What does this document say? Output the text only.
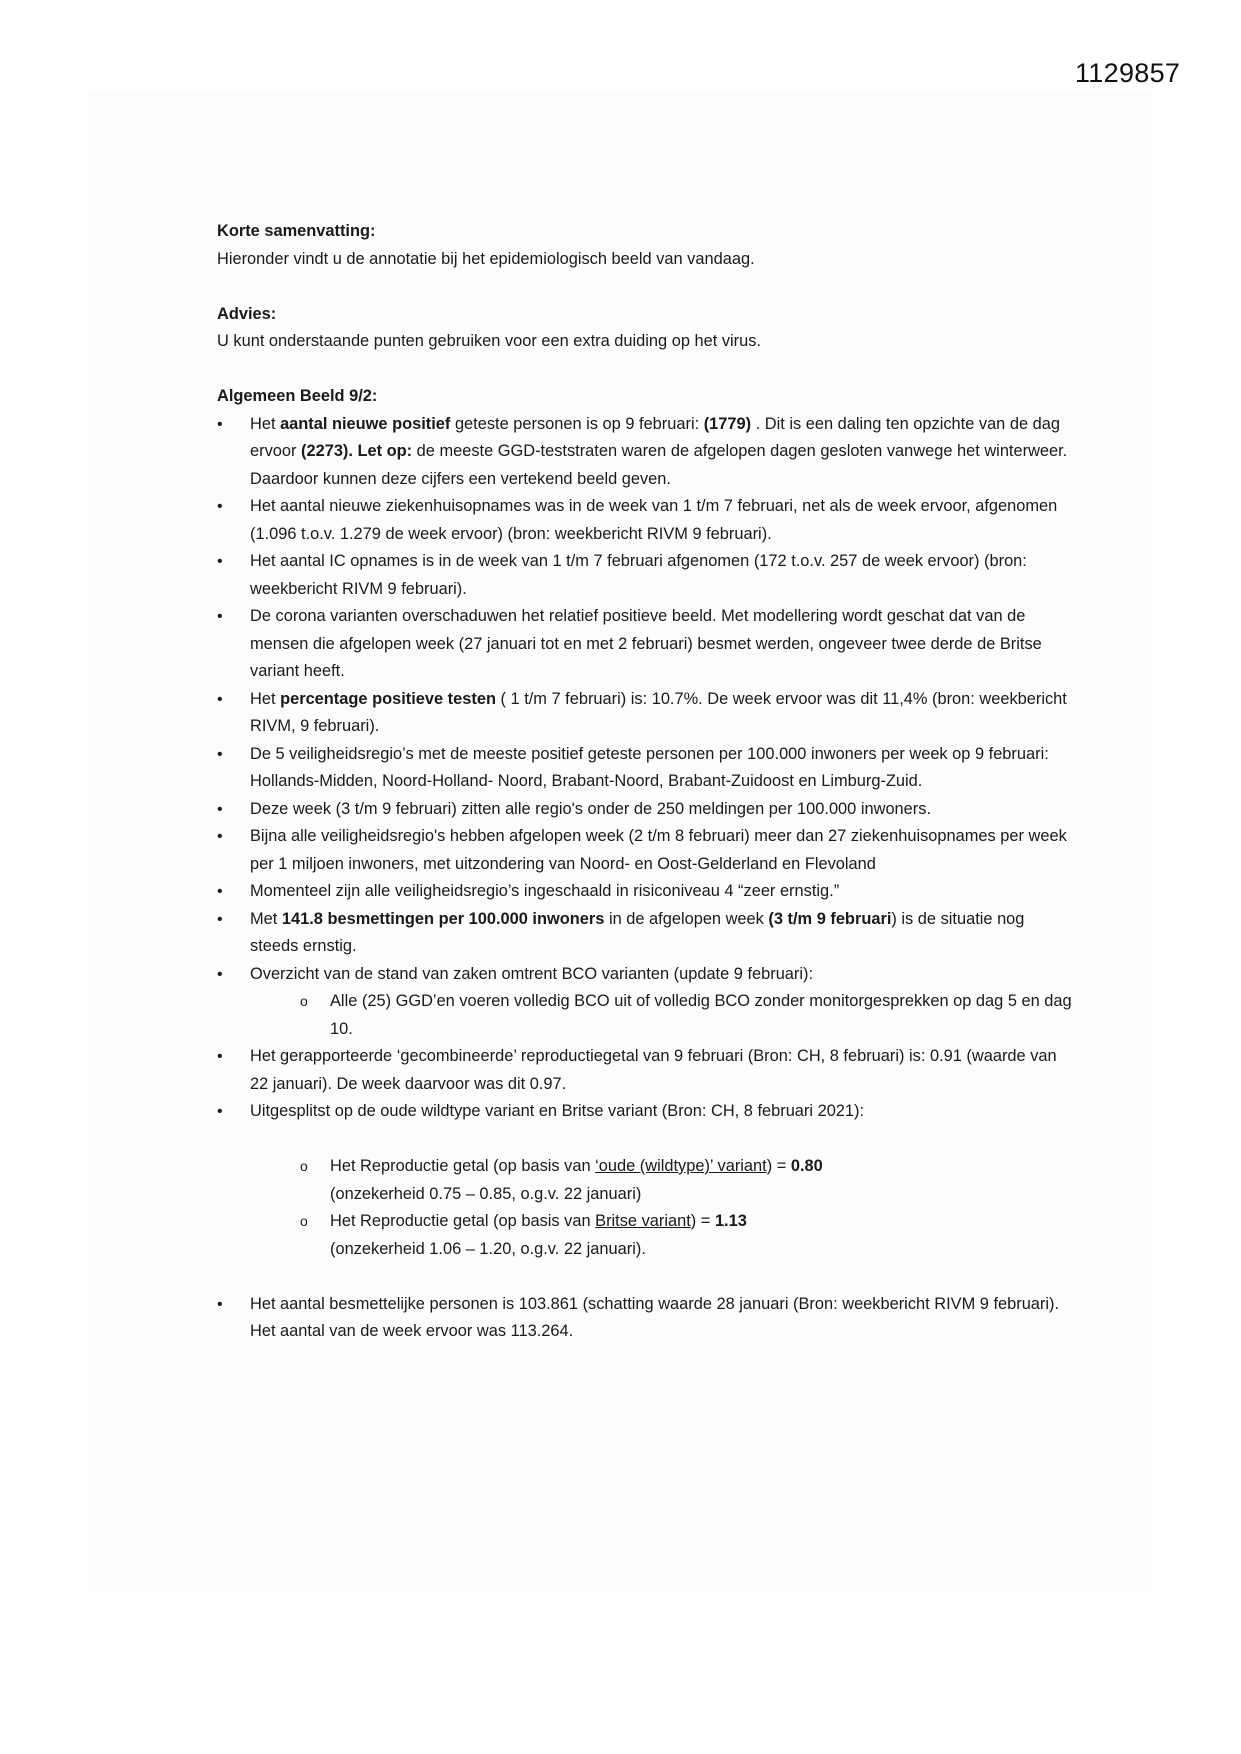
1129857
Korte samenvatting:

Hieronder vindt u de annotatie bij het epidemiologisch beeld van vandaag.

Advies:

U kunt onderstaande punten gebruiken voor een extra duiding op het virus.

Algemeen Beeld 9/2:
• Het aantal nieuwe positief geteste personen is op 9 februari: (1779) . Dit is een daling ten opzichte van de dag ervoor (2273). Let op: de meeste GGD-teststraten waren de afgelopen dagen gesloten vanwege het winterweer. Daardoor kunnen deze cijfers een vertekend beeld geven.
• Het aantal nieuwe ziekenhuisopnames was in de week van 1 t/m 7 februari, net als de week ervoor, afgenomen (1.096 t.o.v. 1.279 de week ervoor) (bron: weekbericht RIVM 9 februari).
• Het aantal IC opnames is in de week van 1 t/m 7 februari afgenomen (172 t.o.v. 257 de week ervoor) (bron: weekbericht RIVM 9 februari).
• De corona varianten overschaduwen het relatief positieve beeld. Met modellering wordt geschat dat van de mensen die afgelopen week (27 januari tot en met 2 februari) besmet werden, ongeveer twee derde de Britse variant heeft.
• Het percentage positieve testen ( 1 t/m 7 februari) is: 10.7%. De week ervoor was dit 11,4% (bron: weekbericht RIVM, 9 februari).
• De 5 veiligheidsregio’s met de meeste positief geteste personen per 100.000 inwoners per week op 9 februari: Hollands-Midden, Noord-Holland- Noord, Brabant-Noord, Brabant-Zuidoost en Limburg-Zuid.
• Deze week (3 t/m 9 februari) zitten alle regio's onder de 250 meldingen per 100.000 inwoners.
• Bijna alle veiligheidsregio's hebben afgelopen week (2 t/m 8 februari) meer dan 27 ziekenhuisopnames per week per 1 miljoen inwoners, met uitzondering van Noord- en Oost-Gelderland en Flevoland
• Momenteel zijn alle veiligheidsregio’s ingeschaald in risiconiveau 4 “zeer ernstig.”
• Met 141.8 besmettingen per 100.000 inwoners in de afgelopen week (3 t/m 9 februari) is de situatie nog steeds ernstig.
• Overzicht van de stand van zaken omtrent BCO varianten (update 9 februari):
o Alle (25) GGD’en voeren volledig BCO uit of volledig BCO zonder monitorgesprekken op dag 5 en dag 10.
• Het gerapporteerde ‘gecombineerde’ reproductiegetal van 9 februari (Bron: CH, 8 februari) is: 0.91 (waarde van 22 januari). De week daarvoor was dit 0.97.
• Uitgesplitst op de oude wildtype variant en Britse variant (Bron: CH, 8 februari 2021):
o Het Reproductie getal (op basis van ‘oude (wildtype)’ variant) = 0.80
(onzekerheid 0.75 – 0.85, o.g.v. 22 januari)
o Het Reproductie getal (op basis van Britse variant) = 1.13
(onzekerheid 1.06 – 1.20, o.g.v. 22 januari).
• Het aantal besmettelijke personen is 103.861 (schatting waarde 28 januari (Bron: weekbericht RIVM 9 februari). Het aantal van de week ervoor was 113.264.
